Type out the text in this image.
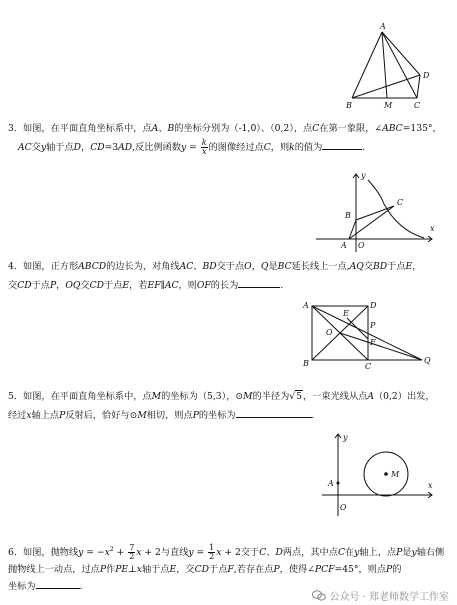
A
B	M	C
D
3．如图，在平面直角坐标系中，点A、B的坐标分别为（-1,0）、（0,2），点C在第一象限，∠ABC=135°，
AC交y轴于点D，CD=3AD,反比例函数$y = \frac{k}{x}$ 的图像经过点C，则k的值为	.
y
x
B
C
A O
4．如图，正方形ABCD的边长为，对角线AC、BD交于点O，Q是BC延长线上一点,AQ交BD于点E，
交CD于点P，OQ交CD于点E，若EF∥AC，则OF的长为	.
A	D
E
O
P
F
B	C
Q
5．如图，在平面直角坐标系中，点M的坐标为（5,3），⊙M的半径为√5，一束光线从点A（0,2）出发，
经过x轴上点P反射后，恰好与⊙M相切，则点P的坐标为	.
y
M
A	x
O
6．如图，抛物线$y = -x^2 + \frac{7}{2}$ x + 2与直线$y = \frac{1}{2}$ x + 2交于C、D两点，其中点C在y轴上，点P是y轴右侧
抛物线上一动点，过点P作PE⊥x轴于点E，交CD于点F,若存在点P，使得∠PCF=45°，则点P的
坐标为	.
公众号 · 郑老师数学工作室
